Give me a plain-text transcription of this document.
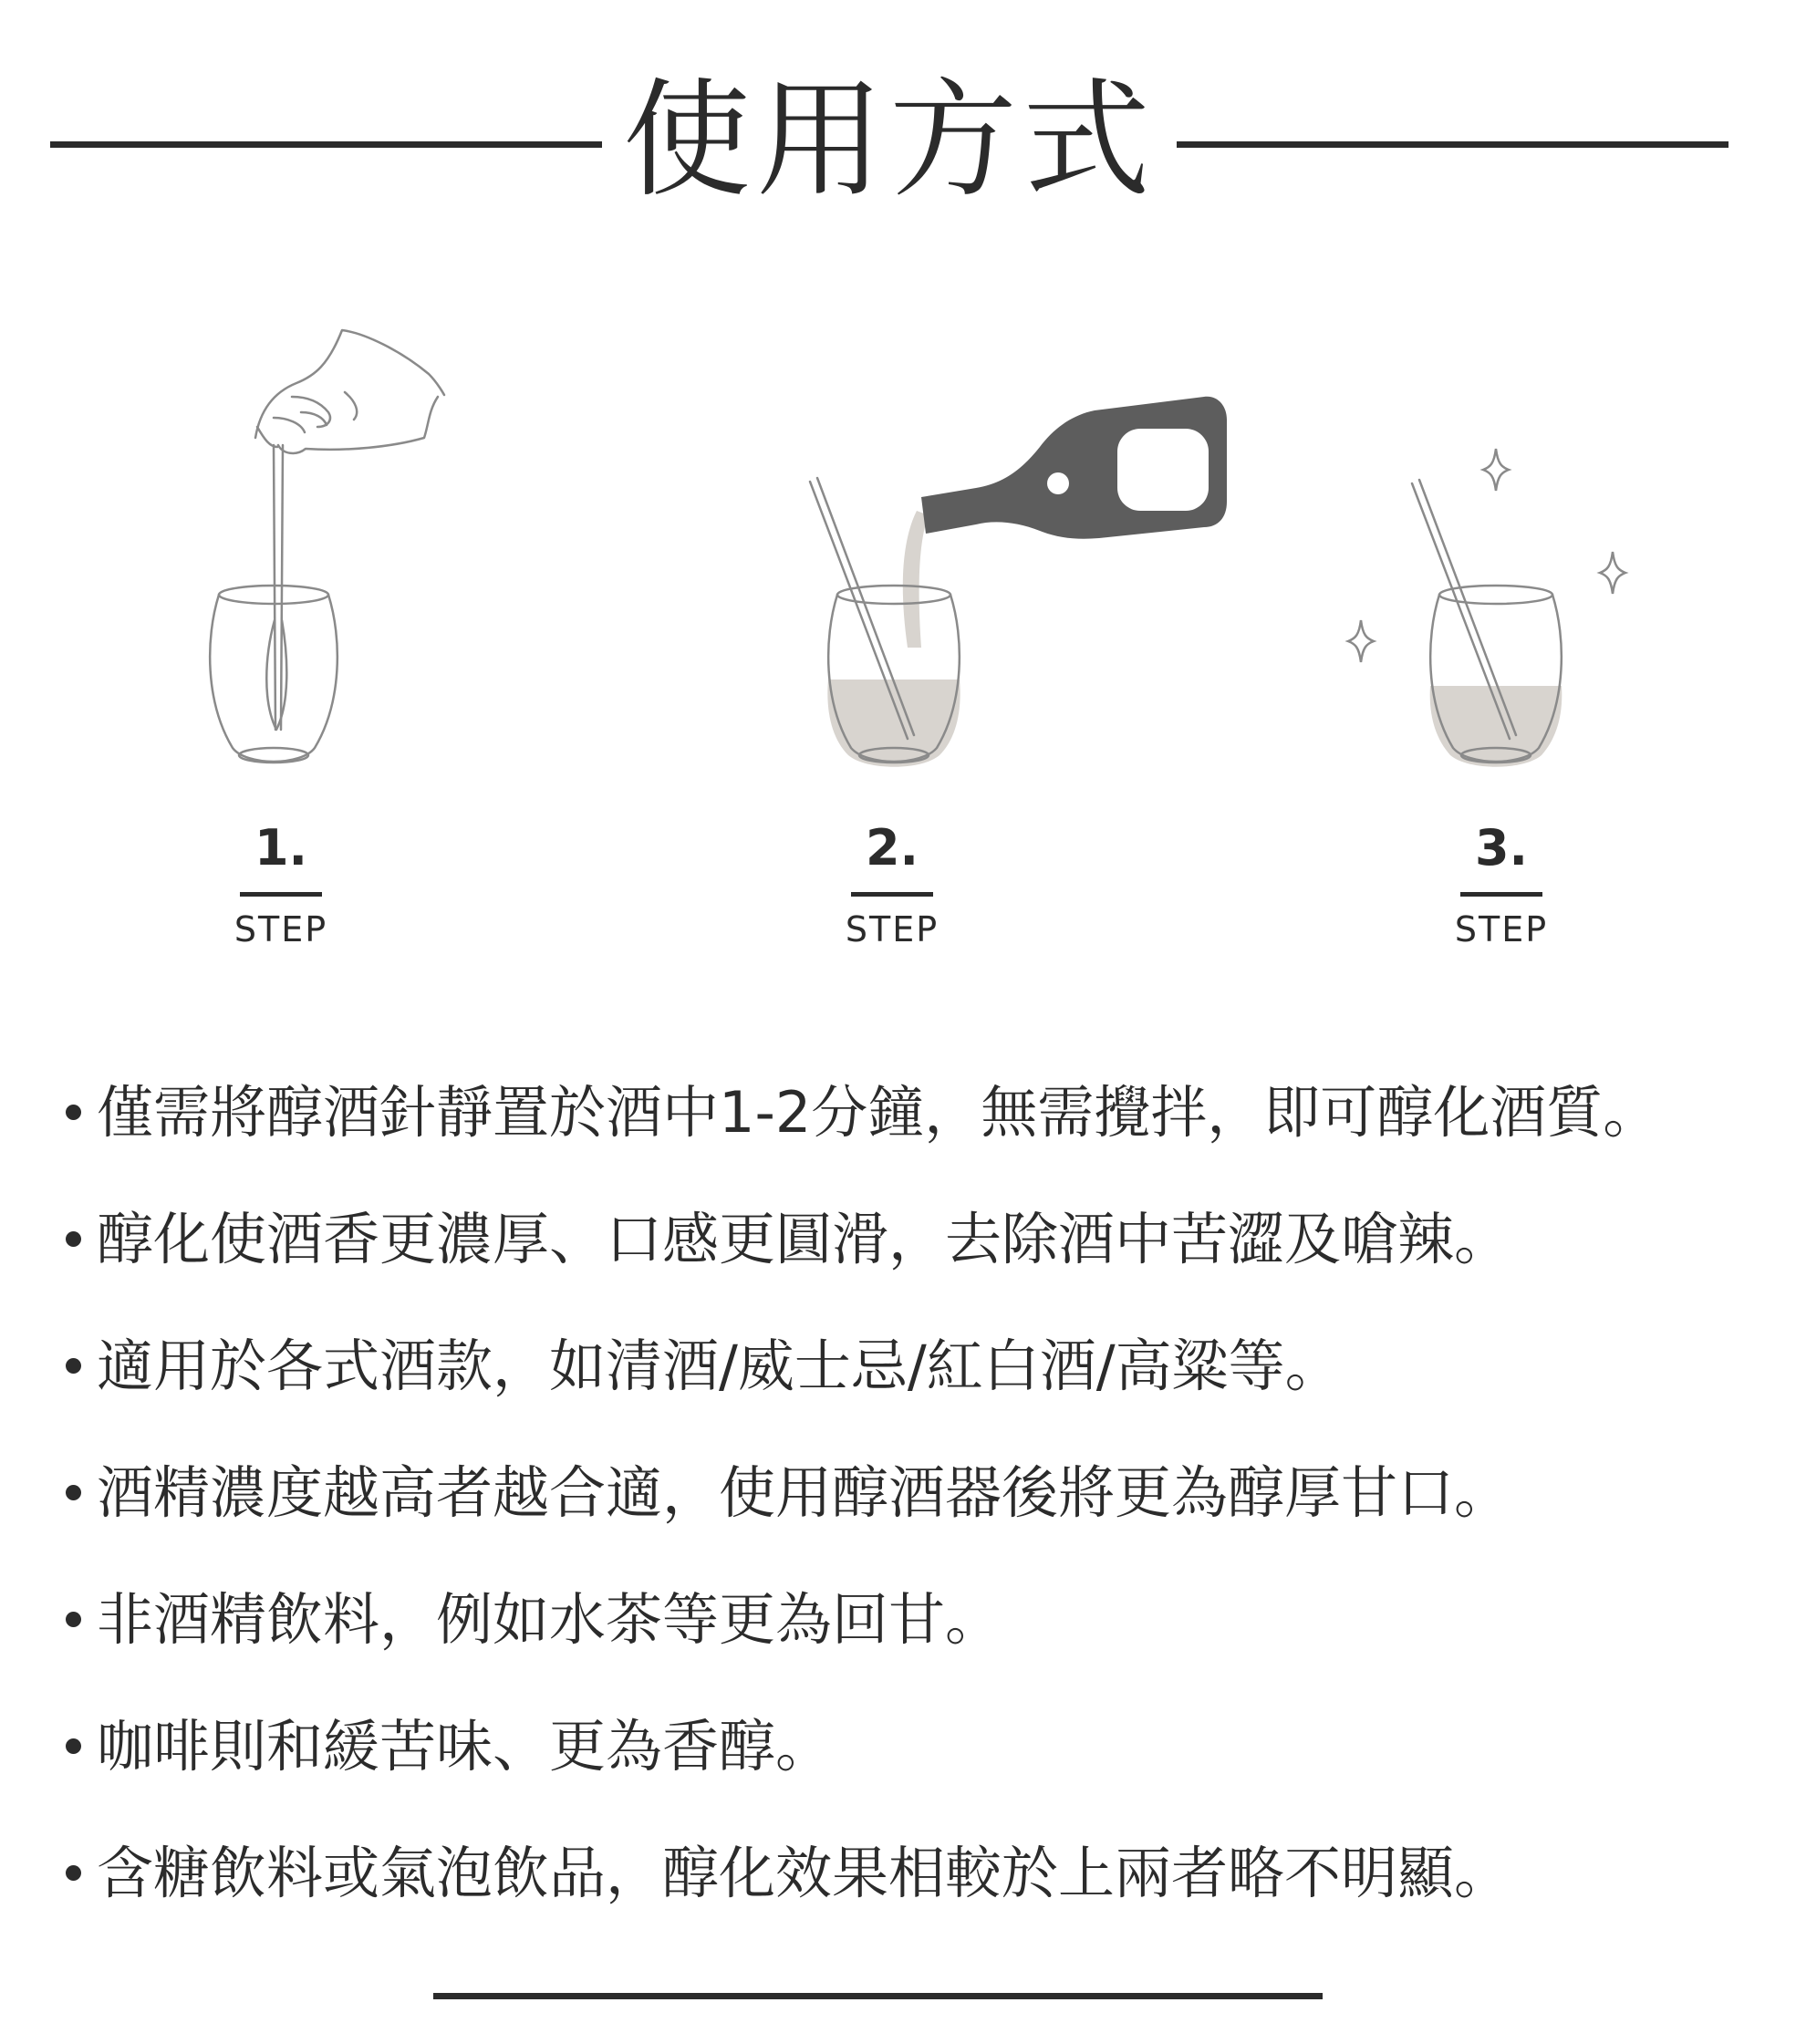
使用方式
1.
STEP
2.
STEP
3.
STEP
僅需將醇酒針靜置於酒中1-2分鐘，無需攪拌，即可醇化酒質。
醇化使酒香更濃厚、口感更圓滑，去除酒中苦澀及嗆辣。
適用於各式酒款，如清酒/威士忌/紅白酒/高粱等。
酒精濃度越高者越合適，使用醇酒器後將更為醇厚甘口。
非酒精飲料，例如水茶等更為回甘。
咖啡則和緩苦味、更為香醇。
含糖飲料或氣泡飲品，醇化效果相較於上兩者略不明顯。
